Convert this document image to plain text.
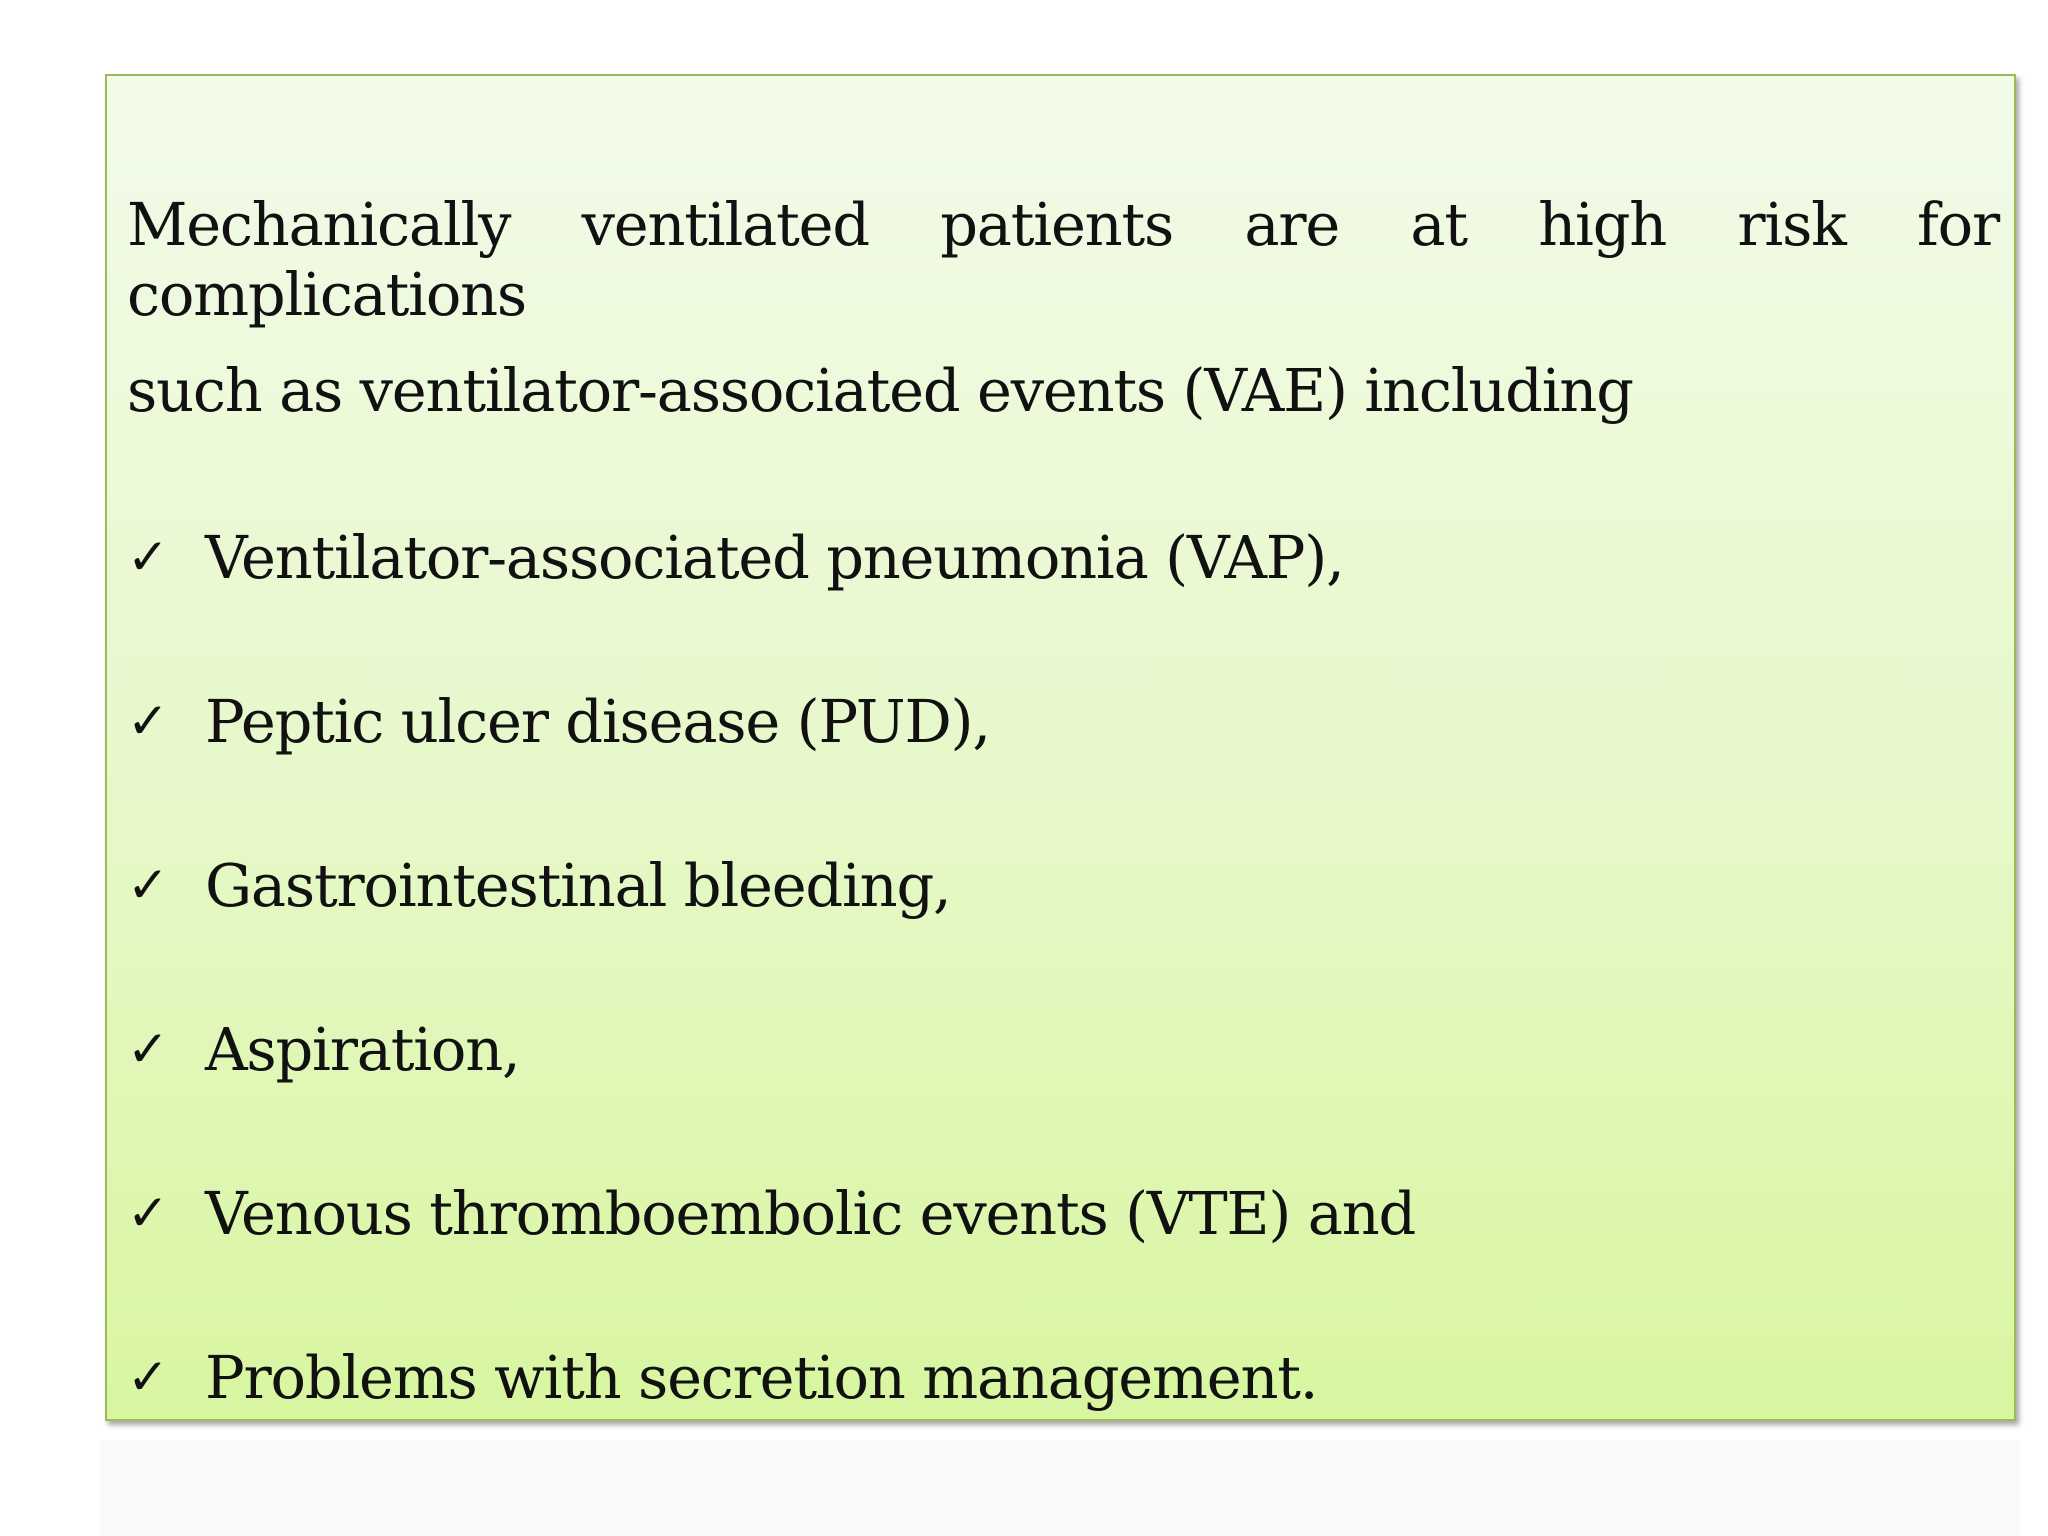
Mechanically ventilated patients are at high risk for complications
such as ventilator-associated events (VAE) including
✓ Ventilator-associated pneumonia (VAP),
✓ Peptic ulcer disease (PUD),
✓ Gastrointestinal bleeding,
✓ Aspiration,
✓ Venous thromboembolic events (VTE) and
✓ Problems with secretion management.
